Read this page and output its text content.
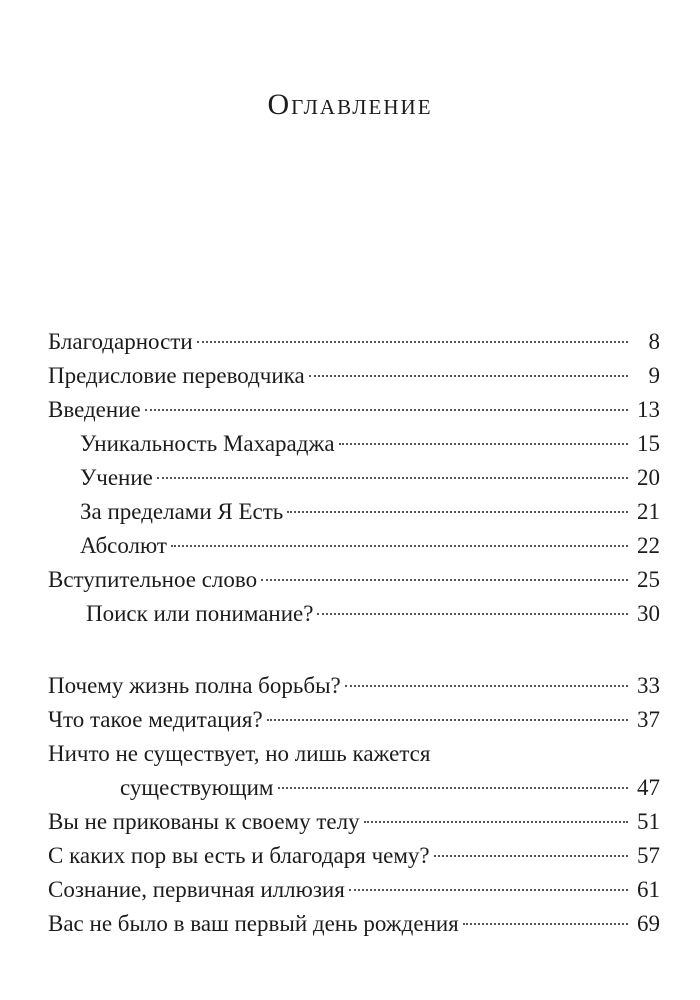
Оглавление
Благодарности	8
Предисловие переводчика	9
Введение	13
Уникальность Махараджа	15
Учение	20
За пределами Я Есть	21
Абсолют	22
Вступительное слово	25
Поиск или понимание?	30
Почему жизнь полна борьбы?	33
Что такое медитация?	37
Ничто не существует, но лишь кажется
существующим	47
Вы не прикованы к своему телу	51
С каких пор вы есть и благодаря чему?	57
Сознание, первичная иллюзия	61
Вас не было в ваш первый день рождения	69
